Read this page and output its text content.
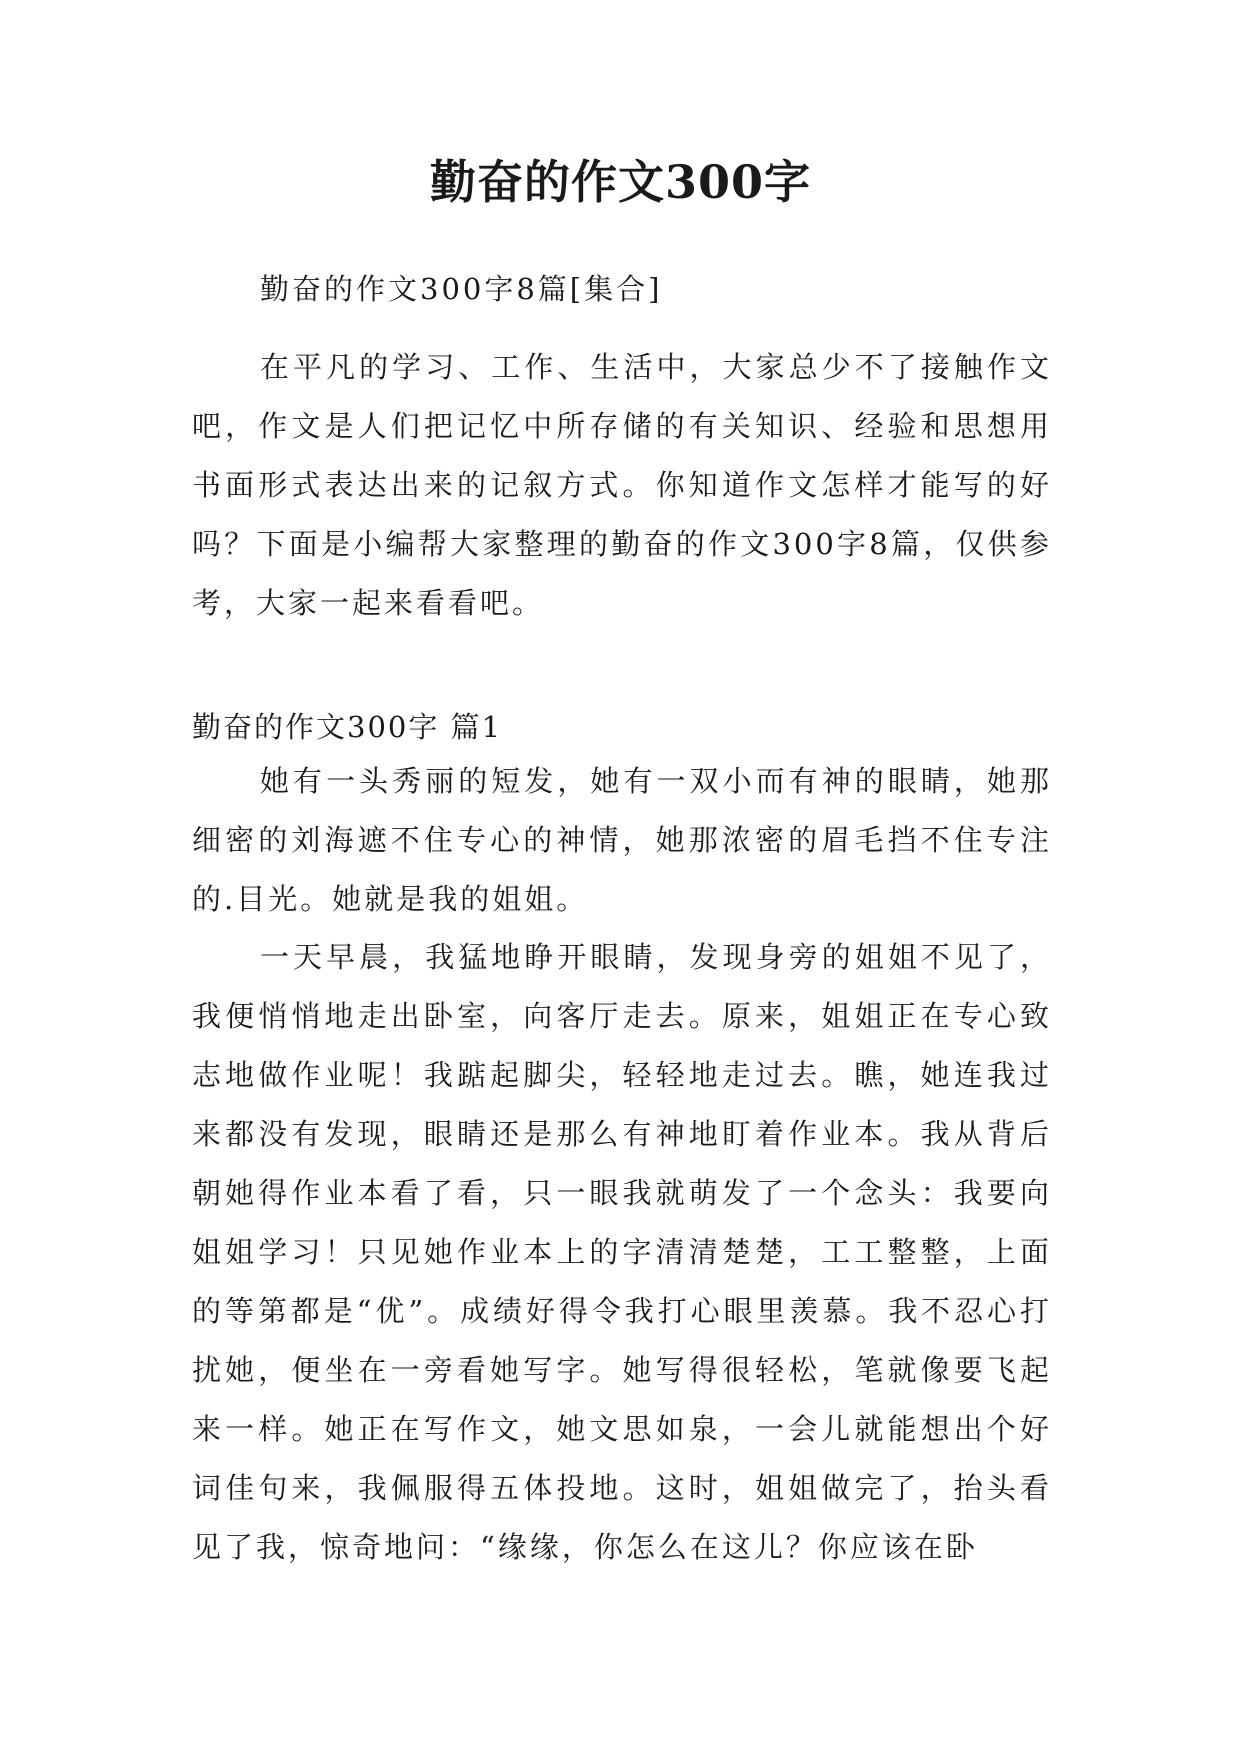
勤奋的作文300字

勤奋的作文300字8篇[集合]

在平凡的学习、工作、生活中，大家总少不了接触作文吧，作文是人们把记忆中所存储的有关知识、经验和思想用书面形式表达出来的记叙方式。你知道作文怎样才能写的好吗？下面是小编帮大家整理的勤奋的作文300字8篇，仅供参考，大家一起来看看吧。

勤奋的作文300字 篇1

她有一头秀丽的短发，她有一双小而有神的眼睛，她那细密的刘海遮不住专心的神情，她那浓密的眉毛挡不住专注的.目光。她就是我的姐姐。

一天早晨，我猛地睁开眼睛，发现身旁的姐姐不见了，我便悄悄地走出卧室，向客厅走去。原来，姐姐正在专心致志地做作业呢！我踮起脚尖，轻轻地走过去。瞧，她连我过来都没有发现，眼睛还是那么有神地盯着作业本。我从背后朝她得作业本看了看，只一眼我就萌发了一个念头：我要向姐姐学习！只见她作业本上的字清清楚楚，工工整整，上面的等第都是“优”。成绩好得令我打心眼里羡慕。我不忍心打扰她，便坐在一旁看她写字。她写得很轻松，笔就像要飞起来一样。她正在写作文，她文思如泉，一会儿就能想出个好词佳句来，我佩服得五体投地。这时，姐姐做完了，抬头看见了我，惊奇地问：“缘缘，你怎么在这儿？你应该在卧
